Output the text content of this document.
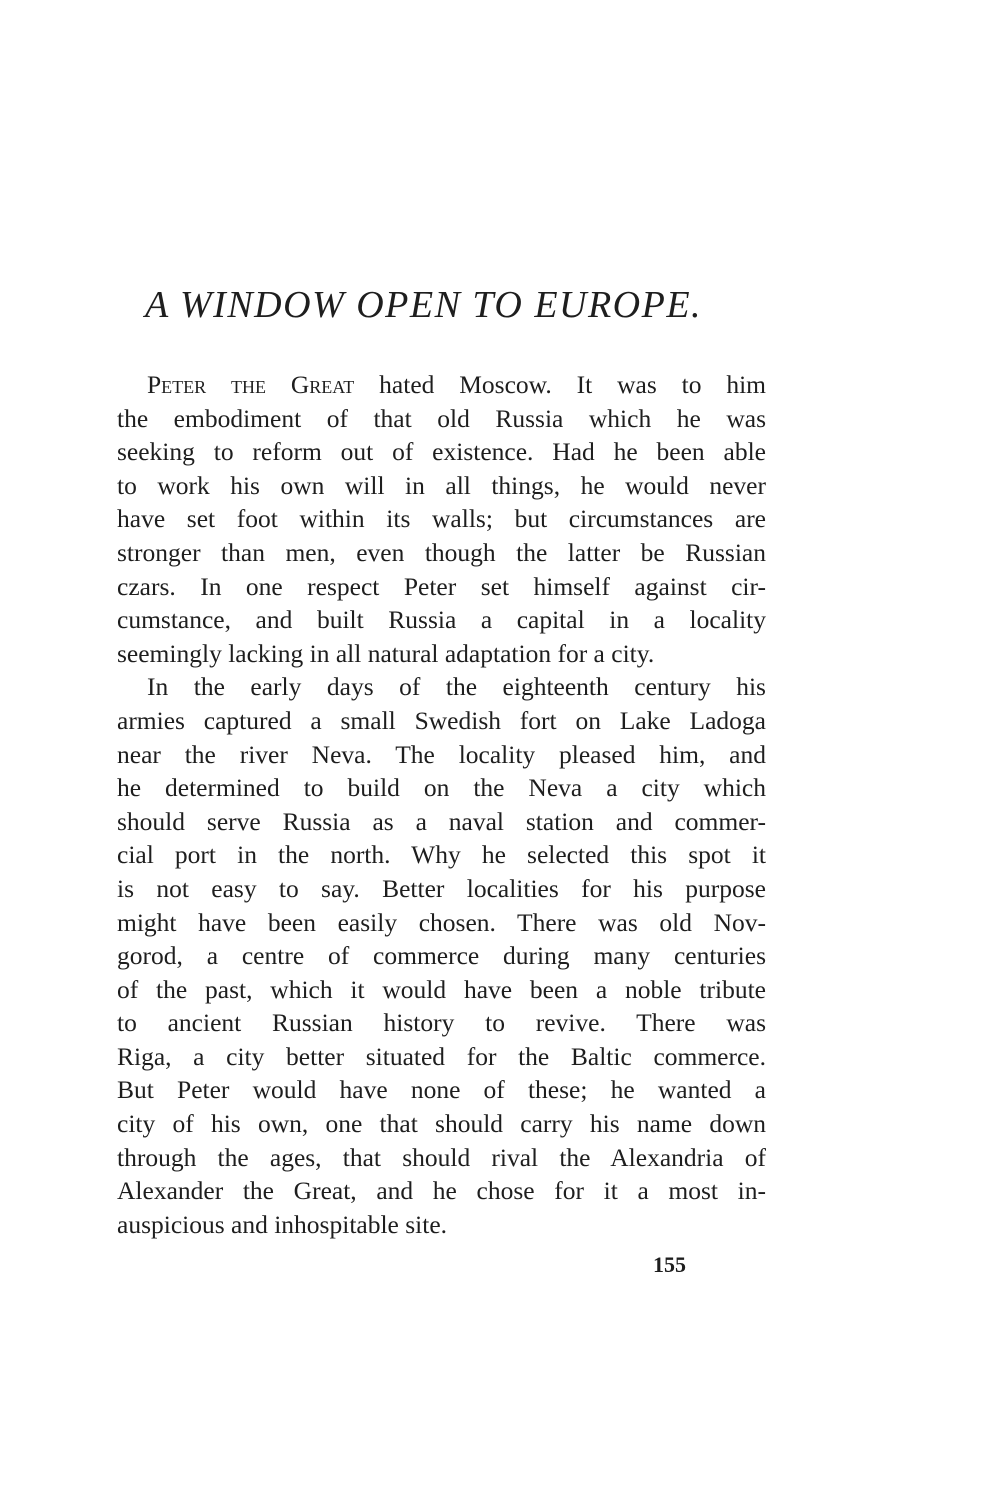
A WINDOW OPEN TO EUROPE.
Peter the Great hated Moscow. It was to him
the embodiment of that old Russia which he was
seeking to reform out of existence. Had he been able
to work his own will in all things, he would never
have set foot within its walls; but circumstances are
stronger than men, even though the latter be Russian
czars. In one respect Peter set himself against cir-
cumstance, and built Russia a capital in a locality
seemingly lacking in all natural adaptation for a city.
In the early days of the eighteenth century his
armies captured a small Swedish fort on Lake Ladoga
near the river Neva. The locality pleased him, and
he determined to build on the Neva a city which
should serve Russia as a naval station and commer-
cial port in the north. Why he selected this spot it
is not easy to say. Better localities for his purpose
might have been easily chosen. There was old Nov-
gorod, a centre of commerce during many centuries
of the past, which it would have been a noble tribute
to ancient Russian history to revive. There was
Riga, a city better situated for the Baltic commerce.
But Peter would have none of these; he wanted a
city of his own, one that should carry his name down
through the ages, that should rival the Alexandria of
Alexander the Great, and he chose for it a most in-
auspicious and inhospitable site.
155
